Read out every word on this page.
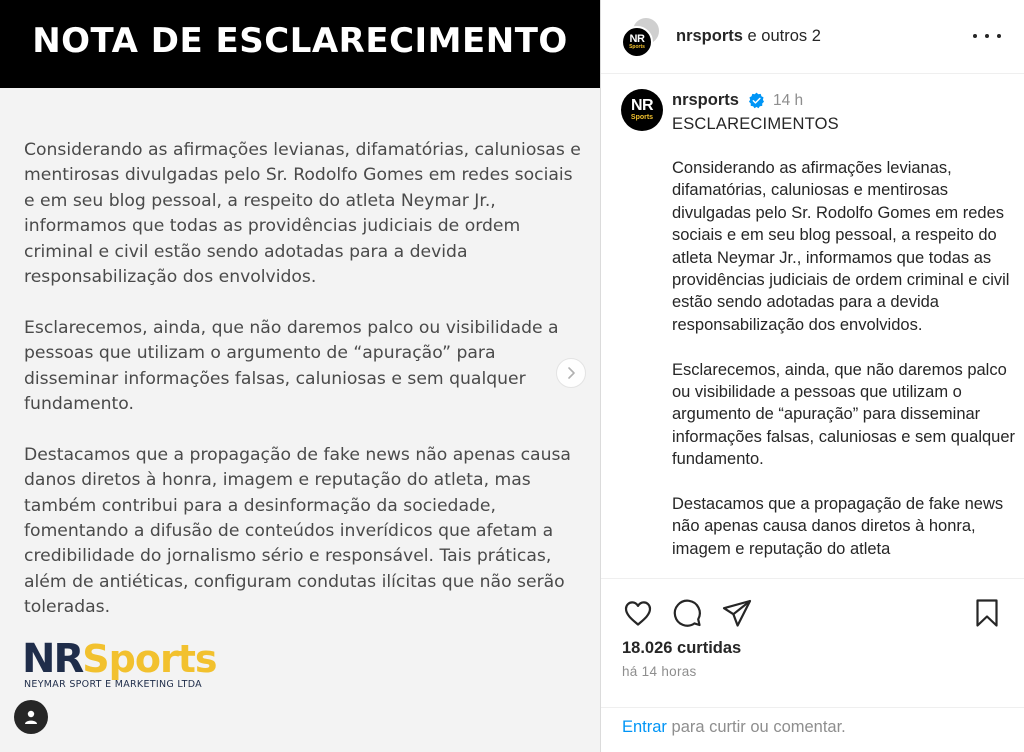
NOTA DE ESCLARECIMENTO

Considerando as afirmações levianas, difamatórias, caluniosas e mentirosas divulgadas pelo Sr. Rodolfo Gomes em redes sociais e em seu blog pessoal, a respeito do atleta Neymar Jr., informamos que todas as providências judiciais de ordem criminal e civil estão sendo adotadas para a devida responsabilização dos envolvidos.

Esclarecemos, ainda, que não daremos palco ou visibilidade a pessoas que utilizam o argumento de “apuração” para disseminar informações falsas, caluniosas e sem qualquer fundamento.

Destacamos que a propagação de fake news não apenas causa danos diretos à honra, imagem e reputação do atleta, mas também contribui para a desinformação da sociedade, fomentando a difusão de conteúdos inverídicos que afetam a credibilidade do jornalismo sério e responsável. Tais práticas, além de antiéticas, configuram condutas ilícitas que não serão toleradas.

NRSports
NEYMAR SPORT E MARKETING LTDA
NR
Sports
nrsports e outros 2
NR
Sports
nrsports 14 h
ESCLARECIMENTOS

Considerando as afirmações levianas, difamatórias, caluniosas e mentirosas divulgadas pelo Sr. Rodolfo Gomes em redes sociais e em seu blog pessoal, a respeito do atleta Neymar Jr., informamos que todas as providências judiciais de ordem criminal e civil estão sendo adotadas para a devida responsabilização dos envolvidos.

Esclarecemos, ainda, que não daremos palco ou visibilidade a pessoas que utilizam o argumento de “apuração” para disseminar informações falsas, caluniosas e sem qualquer fundamento.

Destacamos que a propagação de fake news não apenas causa danos diretos à honra, imagem e reputação do atleta

18.026 curtidas
há 14 horas
Entrar para curtir ou comentar.
